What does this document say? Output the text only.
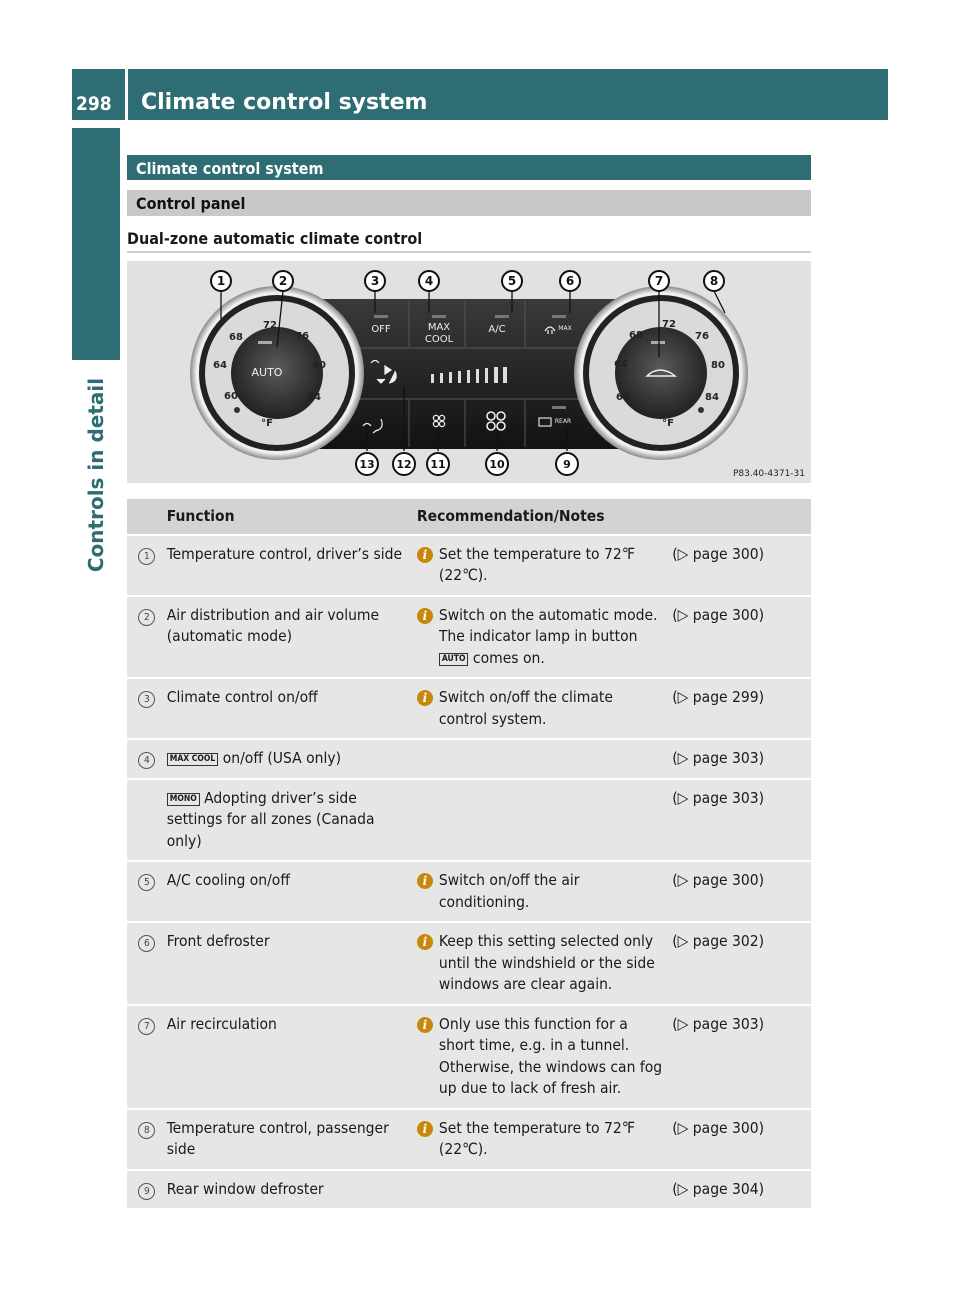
298 Climate control system
Controls in detail
Climate control system
Control panel
Dual-zone automatic climate control
OFF	MAX
COOL
A/C	MAX
REAR
AUTO
60
64
68
72
76
80
84
°F
60
64
68
72
76
80
84
°F
1	2	3	4	5	6	7	8
13 12 11	10	9
P83.40-4371-31
	Function	Recommendation/Notes	
1	Temperature control, driver’s side	i Set the temperature to 72℉ (22℃).	(▷ page 300)
2	Air distribution and air volume (automatic mode)	i Switch on the automatic mode. The indicator lamp in button AUTO comes on.	(▷ page 300)
3	Climate control on/off	i Switch on/off the climate control system.	(▷ page 299)
4	MAX COOL on/off (USA only)		(▷ page 303)
	MONO Adopting driver’s side settings for all zones (Canada only)		(▷ page 303)
5	A/C cooling on/off	i Switch on/off the air conditioning.	(▷ page 300)
6	Front defroster	i Keep this setting selected only until the windshield or the side windows are clear again.	(▷ page 302)
7	Air recirculation	i Only use this function for a short time, e.g. in a tunnel. Otherwise, the windows can fog up due to lack of fresh air.	(▷ page 303)
8	Temperature control, passenger side	i Set the temperature to 72℉ (22℃).	(▷ page 300)
9	Rear window defroster		(▷ page 304)
